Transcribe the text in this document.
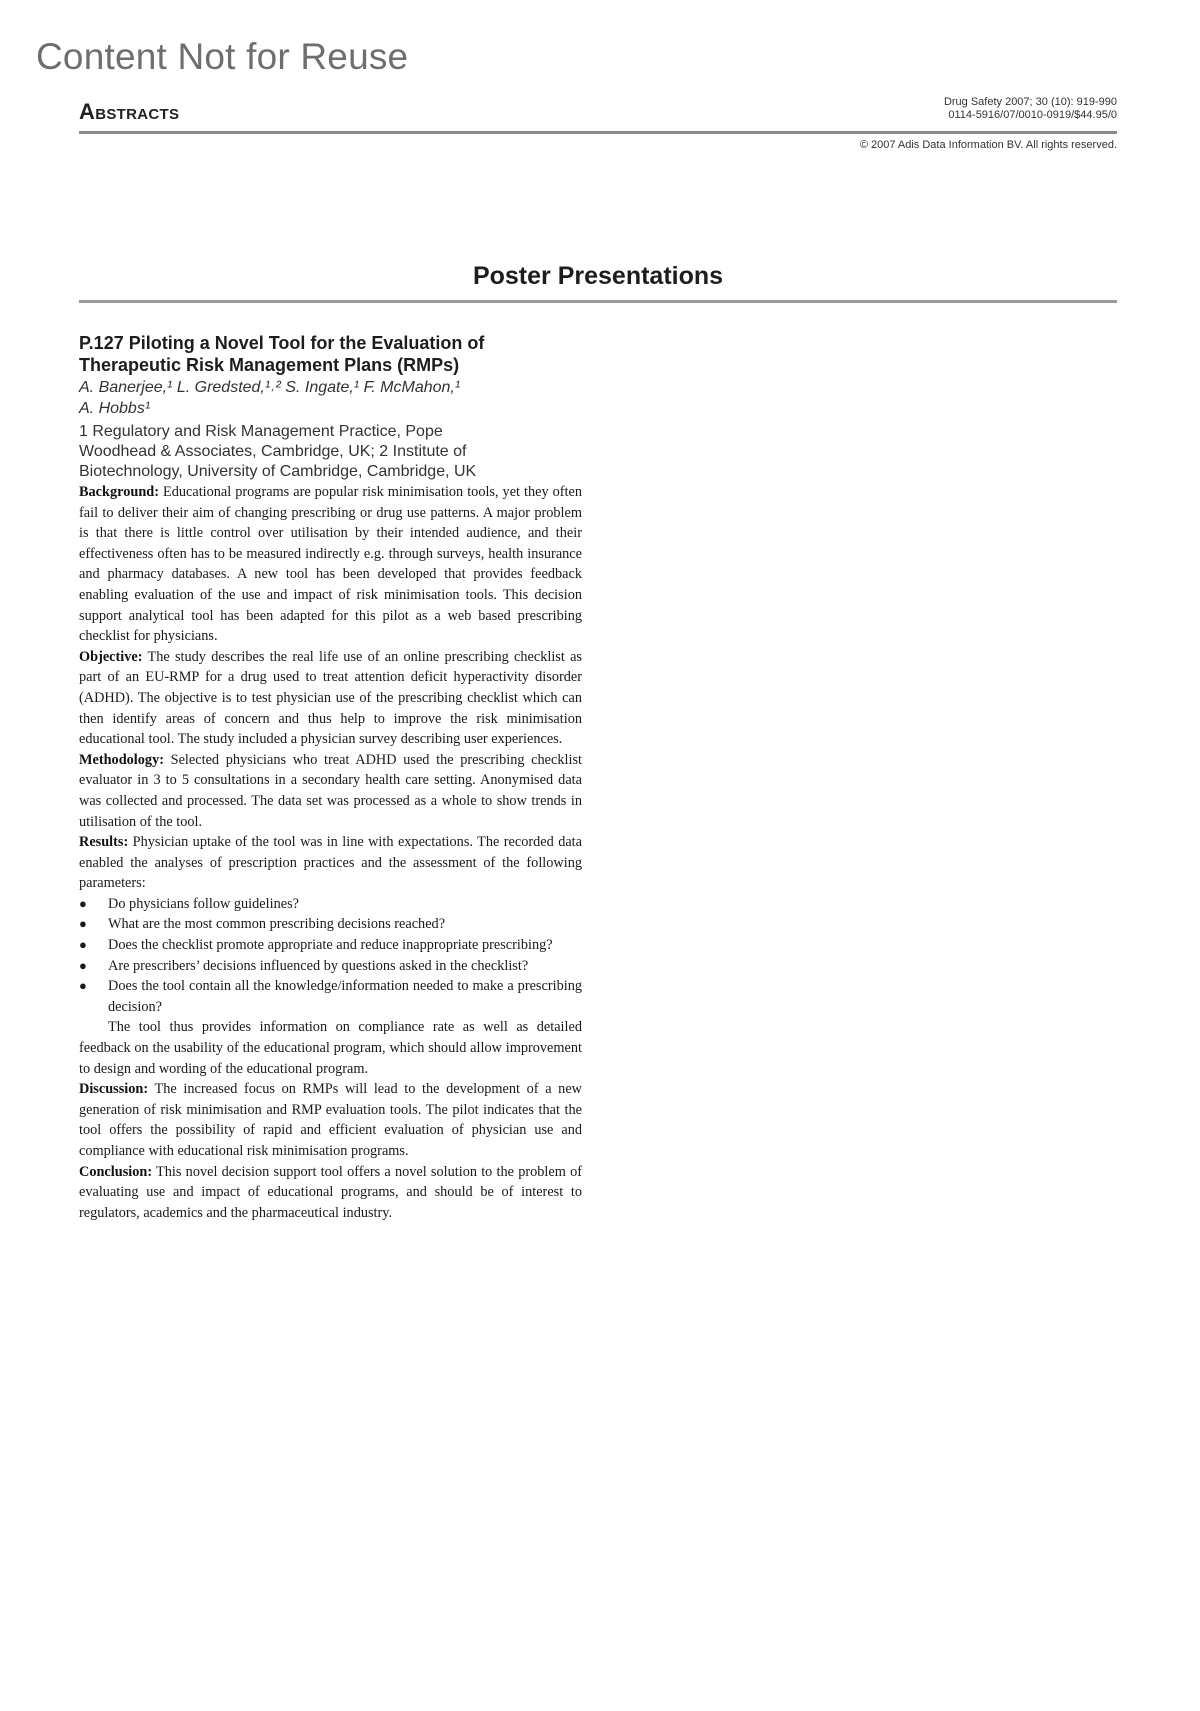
Content Not for Reuse
Abstracts	Drug Safety 2007; 30 (10): 919-990
0114-5916/07/0010-0919/$44.95/0
© 2007 Adis Data Information BV. All rights reserved.
Poster Presentations
P.127 Piloting a Novel Tool for the Evaluation of
Therapeutic Risk Management Plans (RMPs)
A. Banerjee,¹ L. Gredsted,¹˒² S. Ingate,¹ F. McMahon,¹
A. Hobbs¹
1 Regulatory and Risk Management Practice, Pope
Woodhead & Associates, Cambridge, UK; 2 Institute of
Biotechnology, University of Cambridge, Cambridge, UK

Background: Educational programs are popular risk minimisation tools, yet they often fail to deliver their aim of changing prescribing or drug use patterns. A major problem is that there is little control over utilisation by their intended audience, and their effectiveness often has to be measured indirectly e.g. through surveys, health insurance and pharmacy databases. A new tool has been developed that provides feedback enabling evaluation of the use and impact of risk minimisation tools. This decision support analytical tool has been adapted for this pilot as a web based prescribing checklist for physicians.

Objective: The study describes the real life use of an online prescribing checklist as part of an EU-RMP for a drug used to treat attention deficit hyperactivity disorder (ADHD). The objective is to test physician use of the prescribing checklist which can then identify areas of concern and thus help to improve the risk minimisation educational tool. The study included a physician survey describing user experiences.

Methodology: Selected physicians who treat ADHD used the prescribing checklist evaluator in 3 to 5 consultations in a secondary health care setting. Anonymised data was collected and processed. The data set was processed as a whole to show trends in utilisation of the tool.

Results: Physician uptake of the tool was in line with expectations. The recorded data enabled the analyses of prescription practices and the assessment of the following parameters:

● Do physicians follow guidelines?
● What are the most common prescribing decisions reached?
● Does the checklist promote appropriate and reduce inappropriate prescribing?
● Are prescribers’ decisions influenced by questions asked in the checklist?
● Does the tool contain all the knowledge/information needed to make a prescribing decision?

The tool thus provides information on compliance rate as well as detailed feedback on the usability of the educational program, which should allow improvement to design and wording of the educational program.

Discussion: The increased focus on RMPs will lead to the development of a new generation of risk minimisation and RMP evaluation tools. The pilot indicates that the tool offers the possibility of rapid and efficient evaluation of physician use and compliance with educational risk minimisation programs.

Conclusion: This novel decision support tool offers a novel solution to the problem of evaluating use and impact of educational programs, and should be of interest to regulators, academics and the pharmaceutical industry.
